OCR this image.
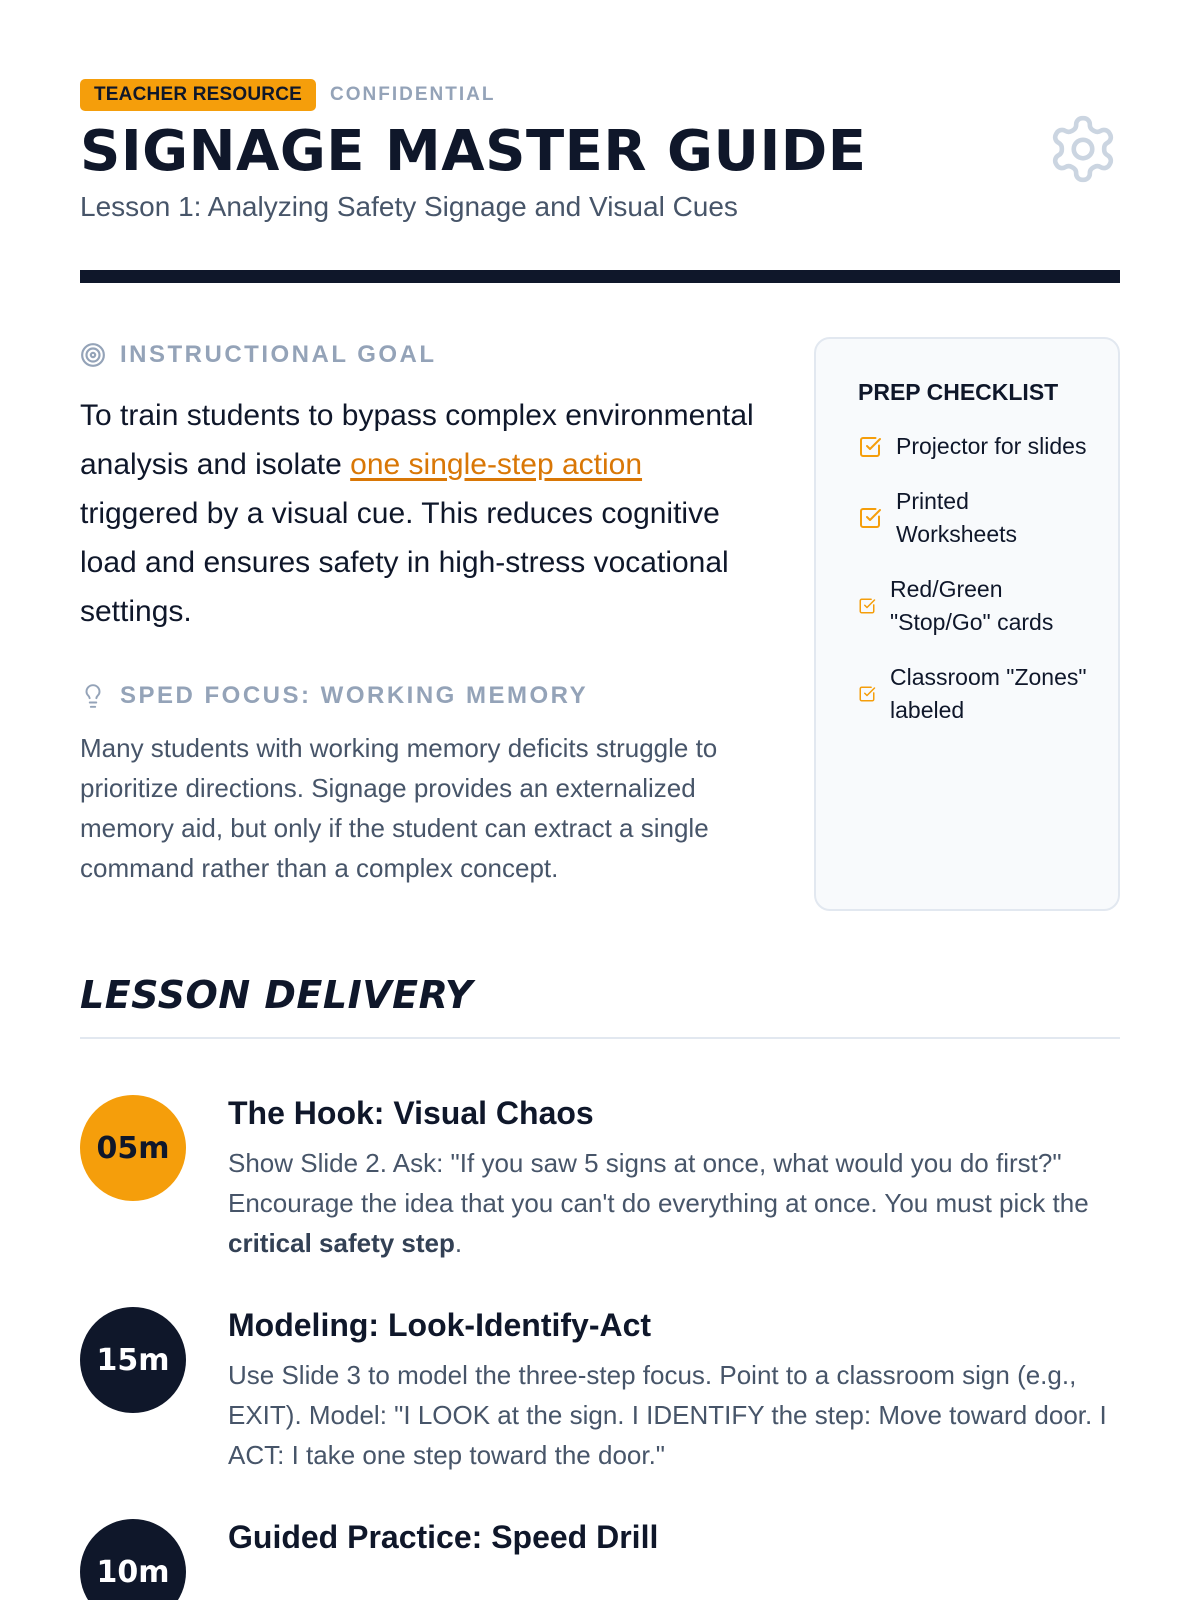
TEACHER RESOURCE	CONFIDENTIAL
SIGNAGE MASTER GUIDE
Lesson 1: Analyzing Safety Signage and Visual Cues
INSTRUCTIONAL GOAL
To train students to bypass complex environmental analysis and isolate one single-step action triggered by a visual cue. This reduces cognitive load and ensures safety in high-stress vocational settings.
SPED FOCUS: WORKING MEMORY
Many students with working memory deficits struggle to prioritize directions. Signage provides an externalized memory aid, but only if the student can extract a single command rather than a complex concept.
PREP CHECKLIST
Projector for slides
Printed Worksheets
Red/Green "Stop/Go" cards
Classroom "Zones" labeled
LESSON DELIVERY
05m
The Hook: Visual Chaos
Show Slide 2. Ask: "If you saw 5 signs at once, what would you do first?" Encourage the idea that you can't do everything at once. You must pick the critical safety step.
15m
Modeling: Look-Identify-Act
Use Slide 3 to model the three-step focus. Point to a classroom sign (e.g., EXIT). Model: "I LOOK at the sign. I IDENTIFY the step: Move toward door. I ACT: I take one step toward the door."
10m
Guided Practice: Speed Drill
